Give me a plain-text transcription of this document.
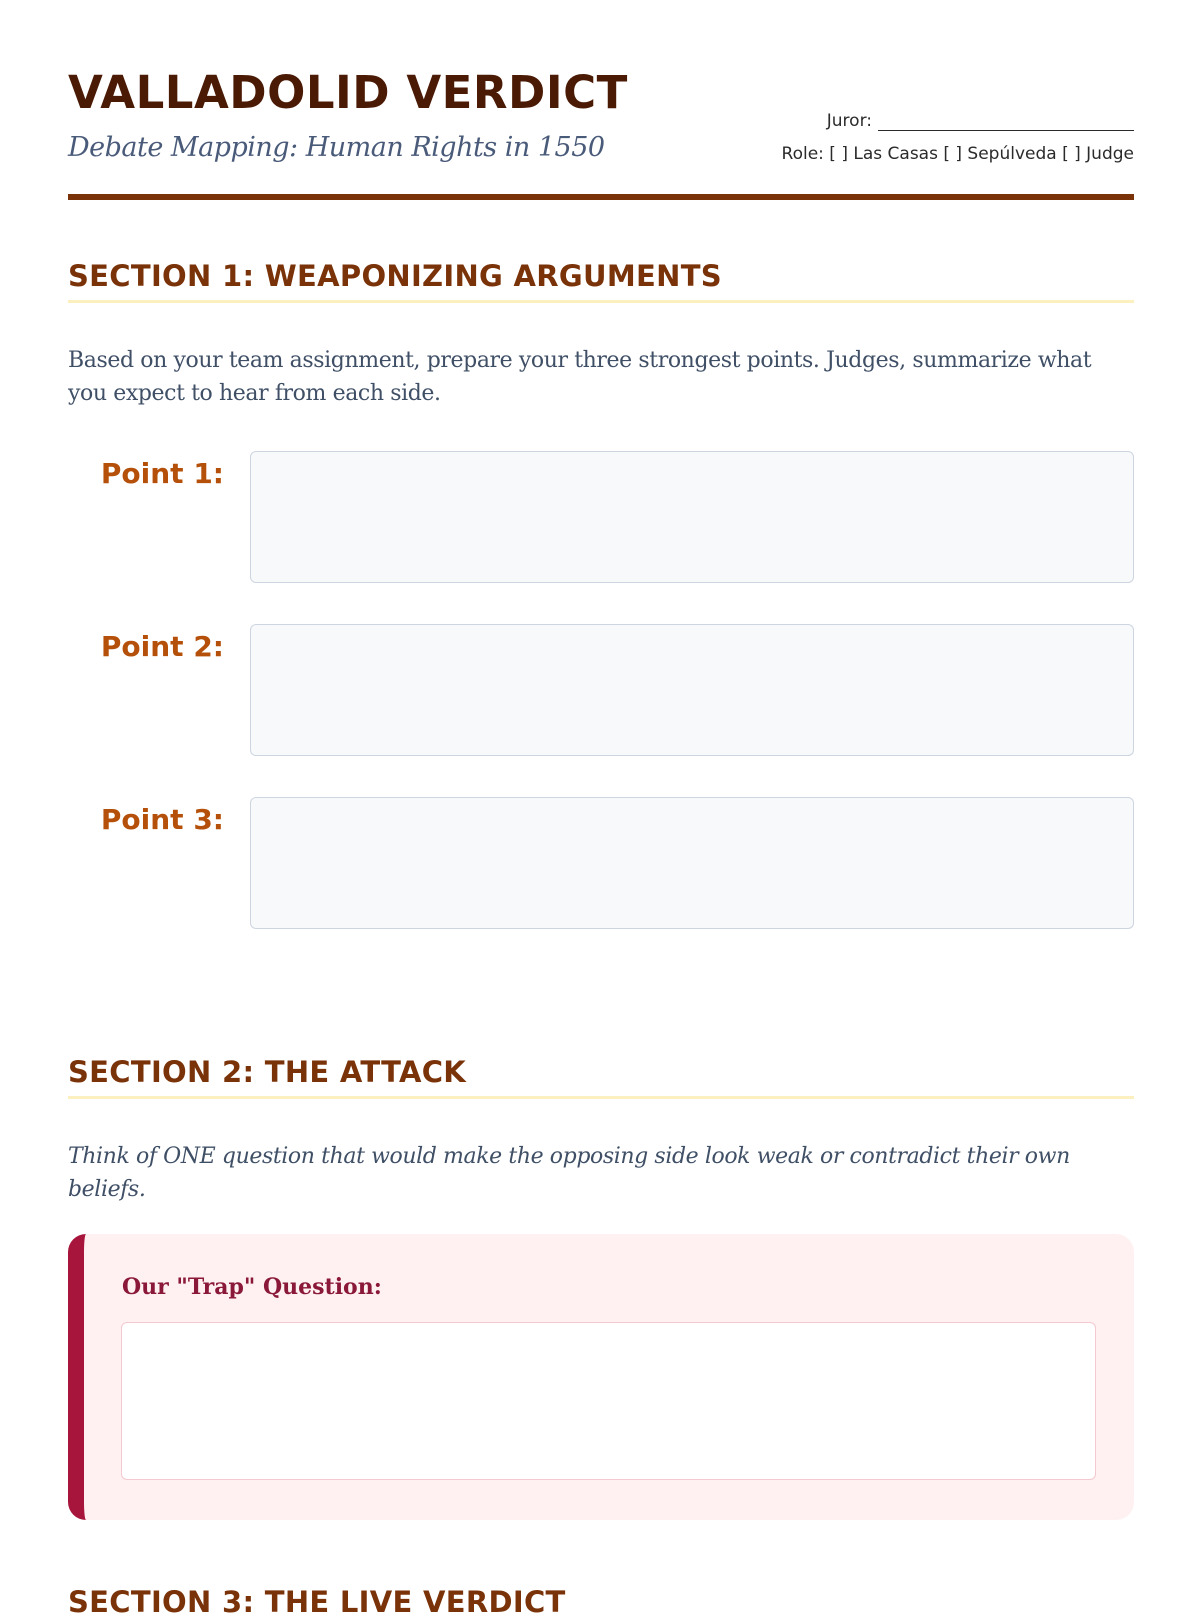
VALLADOLID VERDICT
Debate Mapping: Human Rights in 1550
Juror:
Role: [ ] Las Casas [ ] Sepúlveda [ ] Judge
SECTION 1: WEAPONIZING ARGUMENTS

Based on your team assignment, prepare your three strongest points. Judges, summarize what you expect to hear from each side.

Point 1:
Point 2:
Point 3:
SECTION 2: THE ATTACK

Think of ONE question that would make the opposing side look weak or contradict their own beliefs.

Our "Trap" Question:
SECTION 3: THE LIVE VERDICT
